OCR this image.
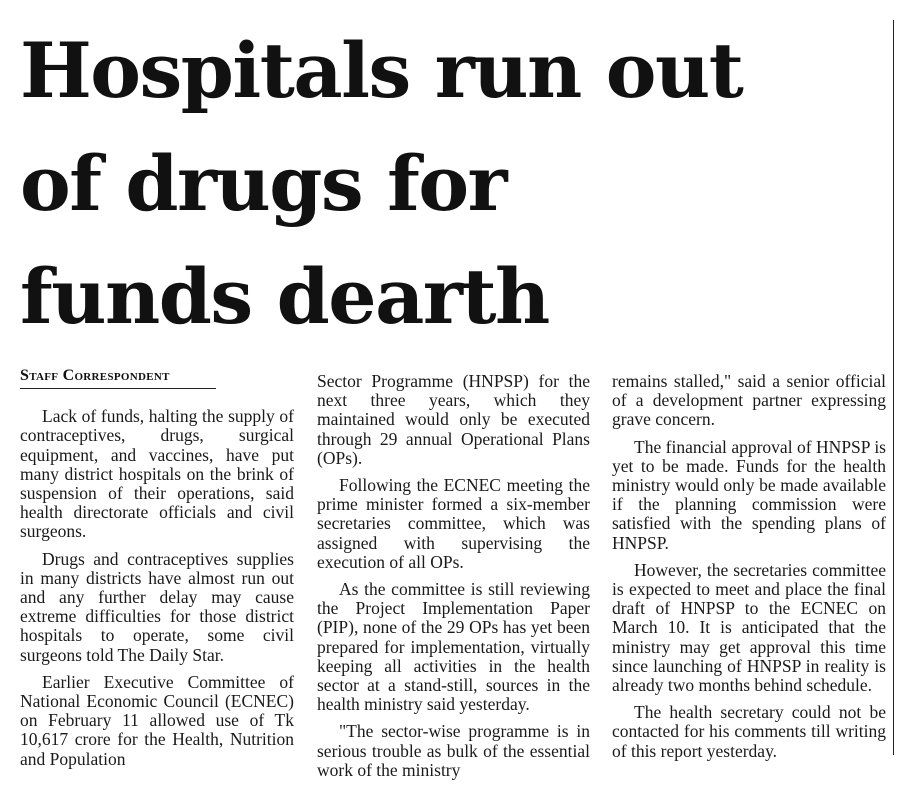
Hospitals run out
of drugs for
funds dearth
Staff Correspondent

Lack of funds, halting the supply of contraceptives, drugs, surgical equipment, and vaccines, have put many district hospitals on the brink of suspension of their operations, said health directorate officials and civil surgeons.

Drugs and contraceptives supplies in many districts have almost run out and any further delay may cause extreme difficulties for those district hospitals to operate, some civil surgeons told The Daily Star.

Earlier Executive Committee of National Economic Council (ECNEC) on February 11 allowed use of Tk 10,617 crore for the Health, Nutrition and Population

Sector Programme (HNPSP) for the next three years, which they maintained would only be executed through 29 annual Operational Plans (OPs).

Following the ECNEC meeting the prime minister formed a six-member secretaries committee, which was assigned with supervising the execution of all OPs.

As the committee is still reviewing the Project Implementation Paper (PIP), none of the 29 OPs has yet been prepared for implementation, virtually keeping all activities in the health sector at a stand-still, sources in the health ministry said yesterday.

"The sector-wise programme is in serious trouble as bulk of the essential work of the ministry

remains stalled," said a senior official of a development partner expressing grave concern.

The financial approval of HNPSP is yet to be made. Funds for the health ministry would only be made available if the planning commission were satisfied with the spending plans of HNPSP.

However, the secretaries committee is expected to meet and place the final draft of HNPSP to the ECNEC on March 10. It is anticipated that the ministry may get approval this time since launching of HNPSP in reality is already two months behind schedule.

The health secretary could not be contacted for his comments till writing of this report yesterday.
